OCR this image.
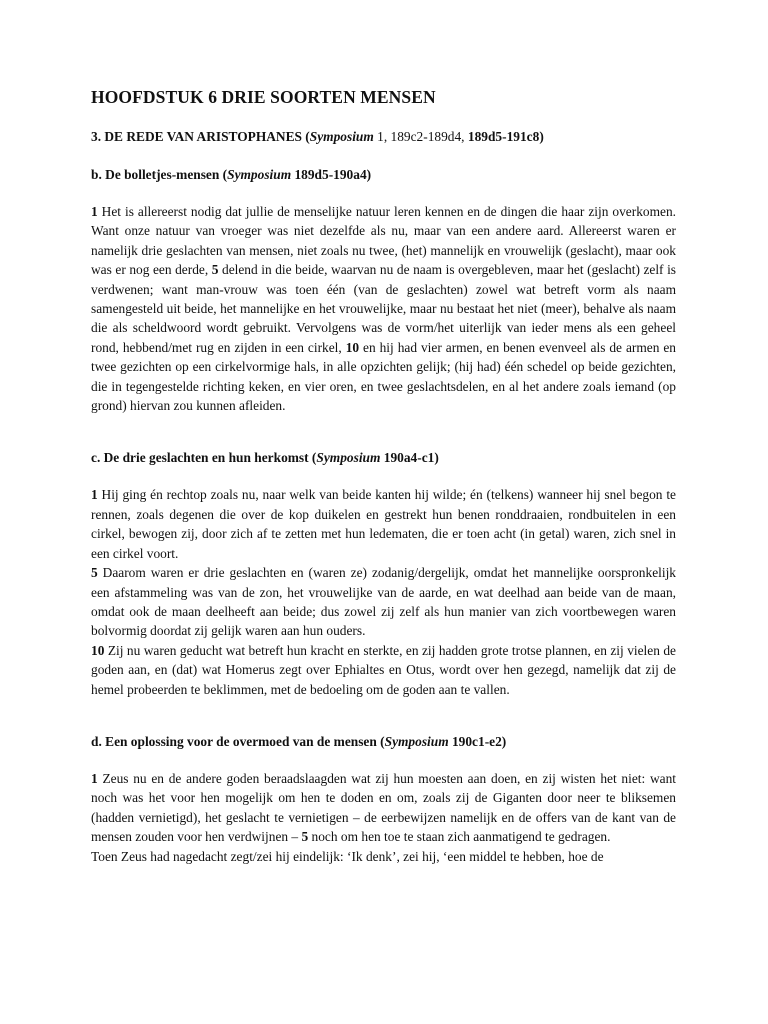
HOOFDSTUK 6 DRIE SOORTEN MENSEN

3. DE REDE VAN ARISTOPHANES (Symposium 1, 189c2-189d4, 189d5-191c8)

b. De bolletjes-mensen (Symposium 189d5-190a4)

1 Het is allereerst nodig dat jullie de menselijke natuur leren kennen en de dingen die haar zijn overkomen. Want onze natuur van vroeger was niet dezelfde als nu, maar van een andere aard. Allereerst waren er namelijk drie geslachten van mensen, niet zoals nu twee, (het) mannelijk en vrouwelijk (geslacht), maar ook was er nog een derde, 5 delend in die beide, waarvan nu de naam is overgebleven, maar het (geslacht) zelf is verdwenen; want man-vrouw was toen één (van de geslachten) zowel wat betreft vorm als naam samengesteld uit beide, het mannelijke en het vrouwelijke, maar nu bestaat het niet (meer), behalve als naam die als scheldwoord wordt gebruikt. Vervolgens was de vorm/het uiterlijk van ieder mens als een geheel rond, hebbend/met rug en zijden in een cirkel, 10 en hij had vier armen, en benen evenveel als de armen en twee gezichten op een cirkelvormige hals, in alle opzichten gelijk; (hij had) één schedel op beide gezichten, die in tegengestelde richting keken, en vier oren, en twee geslachtsdelen, en al het andere zoals iemand (op grond) hiervan zou kunnen afleiden.

c. De drie geslachten en hun herkomst (Symposium 190a4-c1)

1 Hij ging én rechtop zoals nu, naar welk van beide kanten hij wilde; én (telkens) wanneer hij snel begon te rennen, zoals degenen die over de kop duikelen en gestrekt hun benen ronddraaien, rondbuitelen in een cirkel, bewogen zij, door zich af te zetten met hun ledematen, die er toen acht (in getal) waren, zich snel in een cirkel voort.

5 Daarom waren er drie geslachten en (waren ze) zodanig/dergelijk, omdat het mannelijke oorspronkelijk een afstammeling was van de zon, het vrouwelijke van de aarde, en wat deelhad aan beide van de maan, omdat ook de maan deelheeft aan beide; dus zowel zij zelf als hun manier van zich voortbewegen waren bolvormig doordat zij gelijk waren aan hun ouders.

10 Zij nu waren geducht wat betreft hun kracht en sterkte, en zij hadden grote trotse plannen, en zij vielen de goden aan, en (dat) wat Homerus zegt over Ephialtes en Otus, wordt over hen gezegd, namelijk dat zij de hemel probeerden te beklimmen, met de bedoeling om de goden aan te vallen.

d. Een oplossing voor de overmoed van de mensen (Symposium 190c1-e2)

1 Zeus nu en de andere goden beraadslaagden wat zij hun moesten aan doen, en zij wisten het niet: want noch was het voor hen mogelijk om hen te doden en om, zoals zij de Giganten door neer te bliksemen (hadden vernietigd), het geslacht te vernietigen – de eerbewijzen namelijk en de offers van de kant van de mensen zouden voor hen verdwijnen – 5 noch om hen toe te staan zich aanmatigend te gedragen.

Toen Zeus had nagedacht zegt/zei hij eindelijk: ‘Ik denk’, zei hij, ‘een middel te hebben, hoe de
